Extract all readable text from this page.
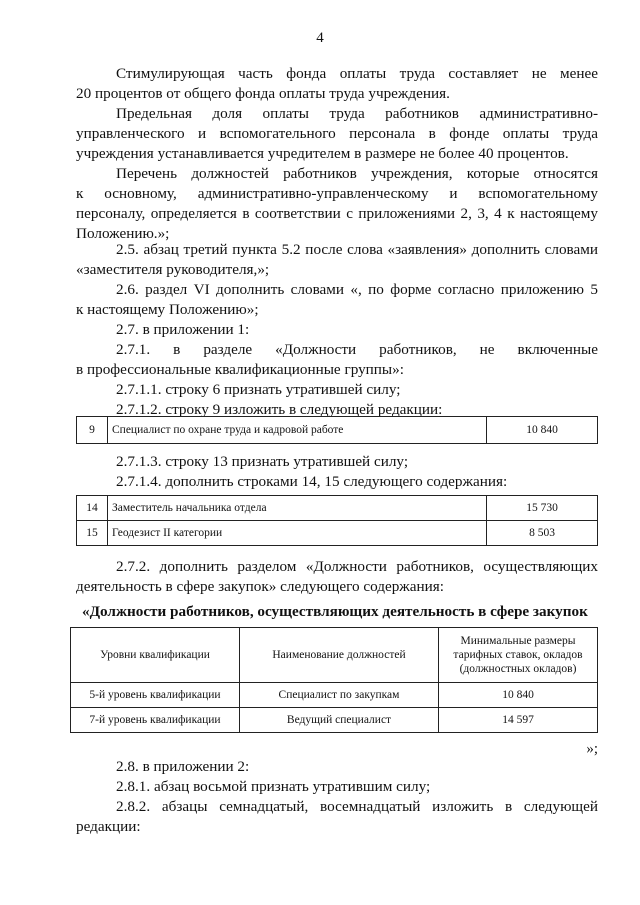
4
Стимулирующая часть фонда оплаты труда составляет не менее
20 процентов от общего фонда оплаты труда учреждения.
Предельная доля оплаты труда работников административно-
управленческого и вспомогательного персонала в фонде оплаты труда
учреждения устанавливается учредителем в размере не более 40 процентов.
Перечень должностей работников учреждения, которые относятся
к основному, административно-управленческому и вспомогательному
персоналу, определяется в соответствии с приложениями 2, 3, 4 к настоящему
Положению.»;
2.5. абзац третий пункта 5.2 после слова «заявления» дополнить словами
«заместителя руководителя,»;
2.6. раздел VI дополнить словами «, по форме согласно приложению 5
к настоящему Положению»;
2.7. в приложении 1:
2.7.1. в разделе «Должности работников, не включенные
в профессиональные квалификационные группы»:
2.7.1.1. строку 6 признать утратившей силу;
2.7.1.2. строку 9 изложить в следующей редакции:
9	Специалист по охране труда и кадровой работе	10 840
2.7.1.3. строку 13 признать утратившей силу;
2.7.1.4. дополнить строками 14, 15 следующего содержания:
14	Заместитель начальника отдела	15 730
15	Геодезист II категории	8 503
2.7.2. дополнить разделом «Должности работников, осуществляющих
деятельность в сфере закупок» следующего содержания:
«Должности работников, осуществляющих деятельность в сфере закупок
Уровни квалификации	Наименование должностей	Минимальные размеры
тарифных ставок, окладов
(должностных окладов)

5-й уровень квалификации	Специалист по закупкам	10 840
7-й уровень квалификации	Ведущий специалист	14 597
»;
2.8. в приложении 2:
2.8.1. абзац восьмой признать утратившим силу;
2.8.2. абзацы семнадцатый, восемнадцатый изложить в следующей
редакции:
